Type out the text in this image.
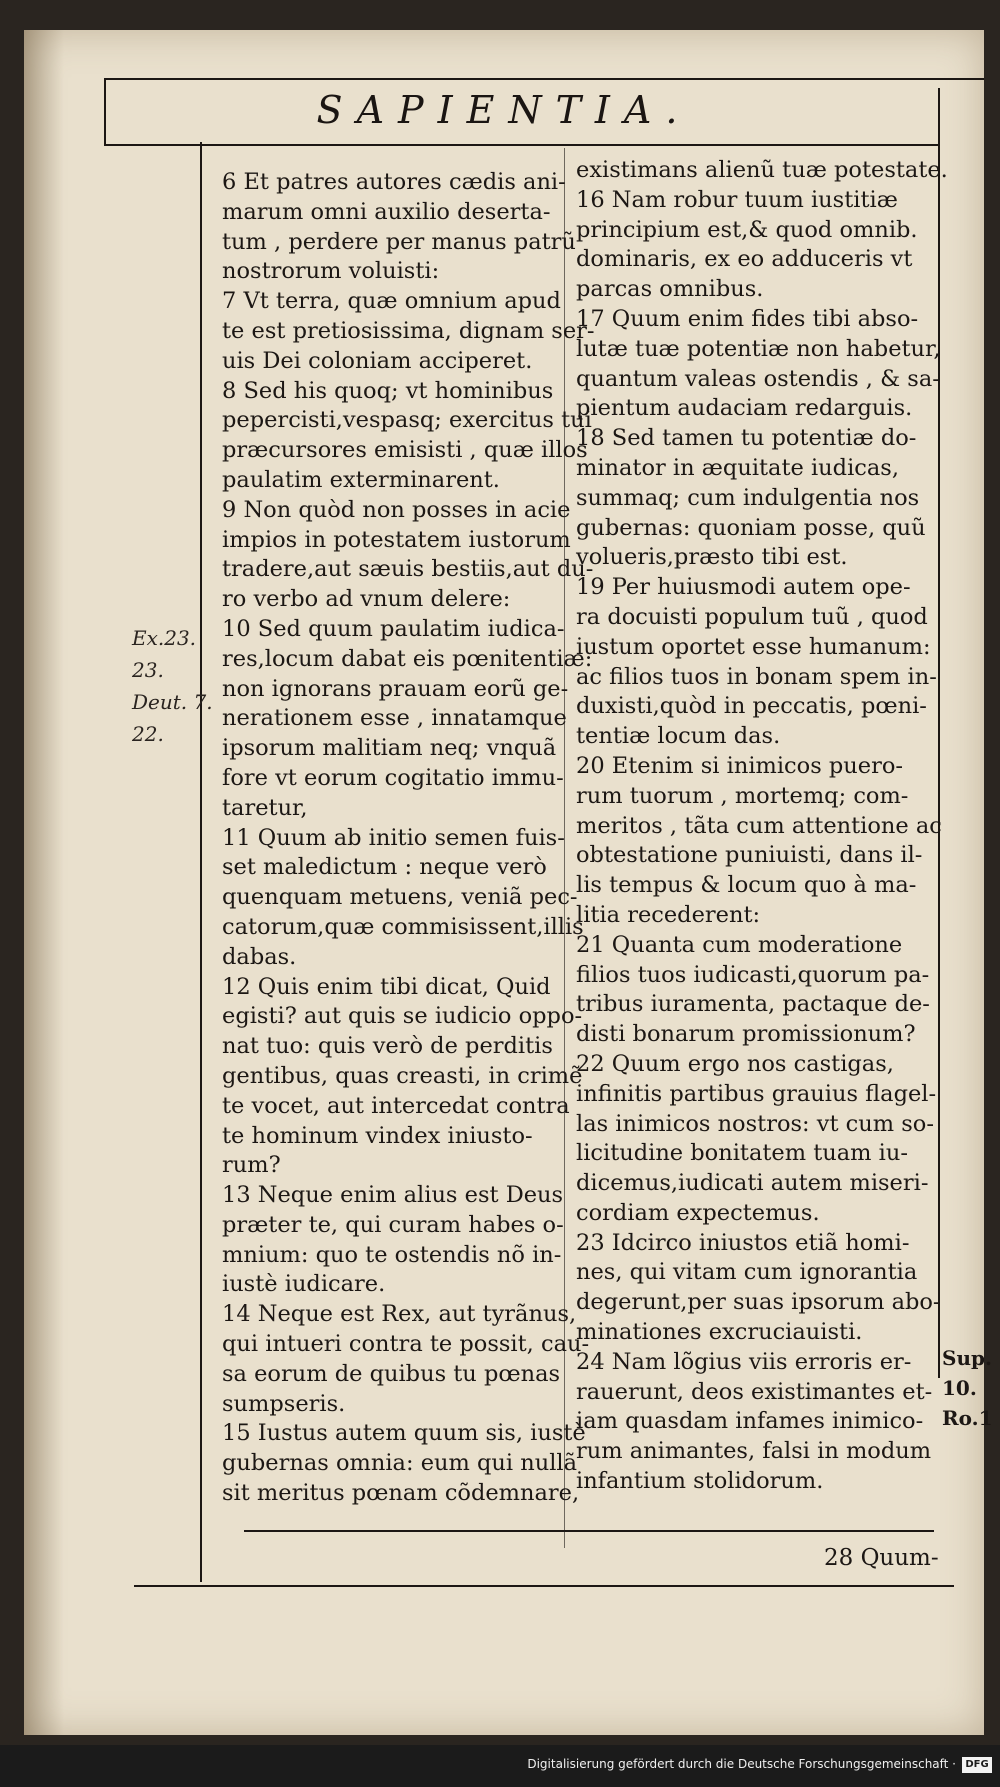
SAPIENTIA.
Ex.23.
23.
Deut. 7.
22.
Sup.
10.
Ro.1

6 Et patres autores cædis ani-

marum omni auxilio deserta-

tum , perdere per manus patrũ

nostrorum voluisti:

7 Vt terra, quæ omnium apud

te est pretiosissima, dignam ser-

uis Dei coloniam acciperet.

8 Sed his quoq; vt hominibus

pepercisti,vespasq; exercitus tui

præcursores emisisti , quæ illos

paulatim exterminarent.

9 Non quòd non posses in acie

impios in potestatem iustorum

tradere,aut sæuis bestiis,aut du-

ro verbo ad vnum delere:

10 Sed quum paulatim iudica-

res,locum dabat eis pœnitentiæ:

non ignorans prauam eorũ ge-

nerationem esse , innatamque

ipsorum malitiam neq; vnquã

fore vt eorum cogitatio immu-

taretur,

11 Quum ab initio semen fuis-

set maledictum : neque verò

quenquam metuens, veniã pec-

catorum,quæ commisissent,illis

dabas.

12 Quis enim tibi dicat, Quid

egisti? aut quis se iudicio oppo-

nat tuo: quis verò de perditis

gentibus, quas creasti, in crimẽ

te vocet, aut intercedat contra

te hominum vindex iniusto-

rum?

13 Neque enim alius est Deus

præter te, qui curam habes o-

mnium: quo te ostendis nõ in-

iustè iudicare.

14 Neque est Rex, aut tyrãnus,

qui intueri contra te possit, cau-

sa eorum de quibus tu pœnas

sumpseris.

15 Iustus autem quum sis, iustè

gubernas omnia: eum qui nullã

sit meritus pœnam cõdemnare,

existimans alienũ tuæ potestate.

16 Nam robur tuum iustitiæ

principium est,& quod omnib.

dominaris, ex eo adduceris vt

parcas omnibus.

17 Quum enim fides tibi abso-

lutæ tuæ potentiæ non habetur,

quantum valeas ostendis , & sa-

pientum audaciam redarguis.

18 Sed tamen tu potentiæ do-

minator in æquitate iudicas,

summaq; cum indulgentia nos

gubernas: quoniam posse, quũ

volueris,præsto tibi est.

19 Per huiusmodi autem ope-

ra docuisti populum tuũ , quod

iustum oportet esse humanum:

ac filios tuos in bonam spem in-

duxisti,quòd in peccatis, pœni-

tentiæ locum das.

20 Etenim si inimicos puero-

rum tuorum , mortemq; com-

meritos , tãta cum attentione ac

obtestatione puniuisti, dans il-

lis tempus & locum quo à ma-

litia recederent:

21 Quanta cum moderatione

filios tuos iudicasti,quorum pa-

tribus iuramenta, pactaque de-

disti bonarum promissionum?

22 Quum ergo nos castigas,

infinitis partibus grauius flagel-

las inimicos nostros: vt cum so-

licitudine bonitatem tuam iu-

dicemus,iudicati autem miseri-

cordiam expectemus.

23 Idcirco iniustos etiã homi-

nes, qui vitam cum ignorantia

degerunt,per suas ipsorum abo-

minationes excruciauisti.

24 Nam lõgius viis erroris er-

rauerunt, deos existimantes et-

iam quasdam infames inimico-

rum animantes, falsi in modum

infantium stolidorum.

28 Quum-
Digitalisierung gefördert durch die Deutsche Forschungsgemeinschaft · DFG
